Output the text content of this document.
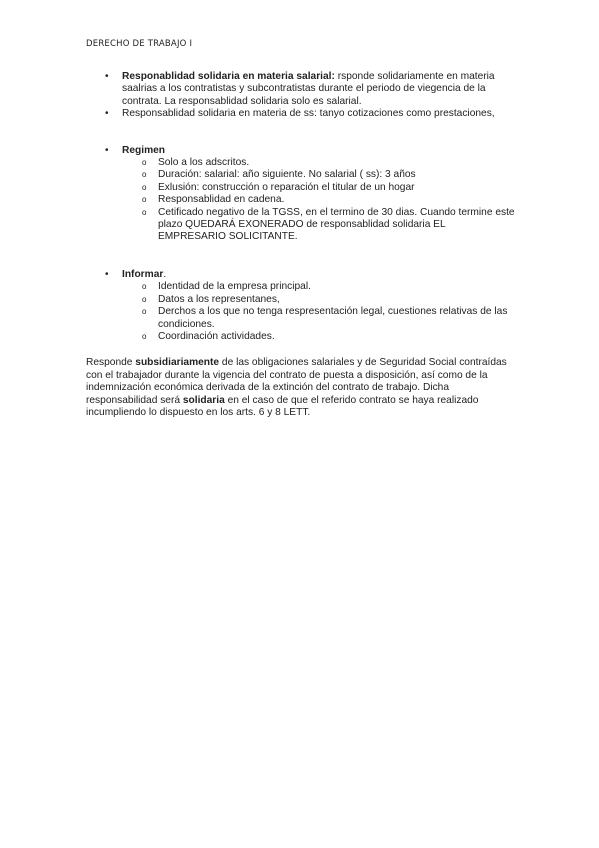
DERECHO DE TRABAJO I
• Responablidad solidaria en materia salarial: rsponde solidariamente en materia saalrias a los contratistas y subcontratistas durante el periodo de viegencia de la contrata. La responsablidad solidaria solo es salarial.
• Responsablidad solidaria en materia de ss: tanyo cotizaciones como prestaciones,
• Regimen
o Solo a los adscritos.
o Duración: salarial: año siguiente. No salarial ( ss): 3 años
o Exlusión: construcción o reparación el titular de un hogar
o Responsablidad en cadena.
o Cetificado negativo de la TGSS, en el termino de 30 dias. Cuando termine este plazo QUEDARÁ EXONERADO de responsablidad solidaria EL EMPRESARIO SOLICITANTE.
• Informar.
o Identidad de la empresa principal.
o Datos a los representanes,
o Derchos a los que no tenga respresentación legal, cuestiones relativas de las condiciones.
o Coordinación actividades.

Responde subsidiariamente de las obligaciones salariales y de Seguridad Social contraídas con el trabajador durante la vigencia del contrato de puesta a disposición, así como de la indemnización económica derivada de la extinción del contrato de trabajo. Dicha responsabilidad será solidaria en el caso de que el referido contrato se haya realizado incumpliendo lo dispuesto en los arts. 6 y 8 LETT.
